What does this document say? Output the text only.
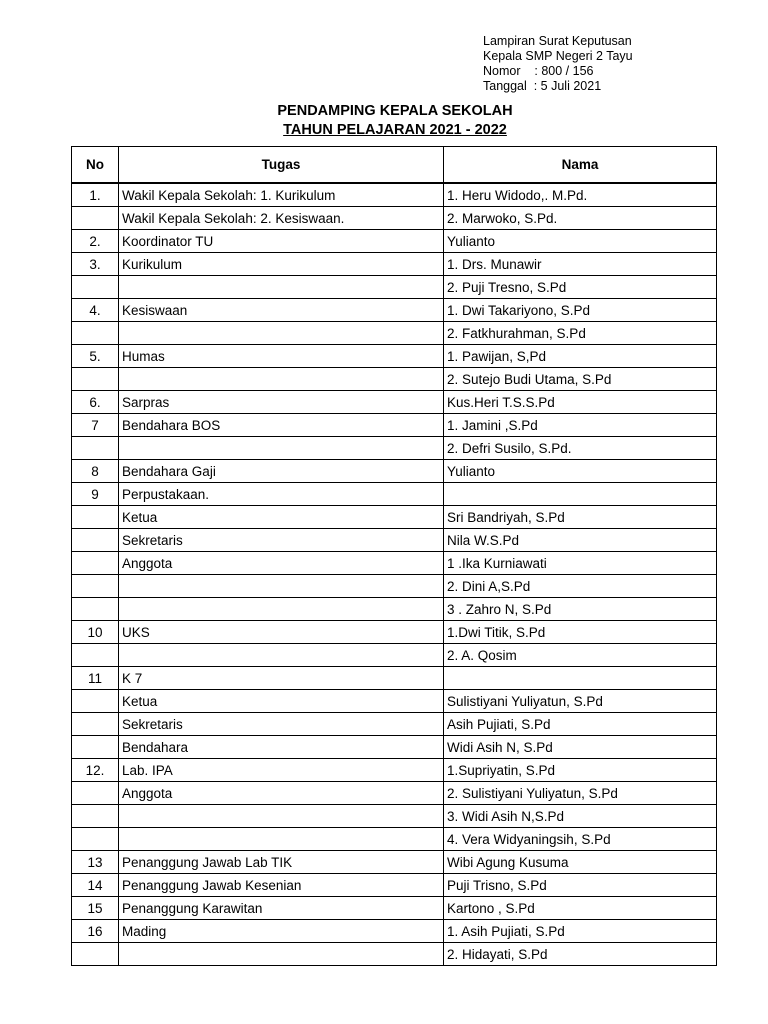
Lampiran Surat Keputusan
Kepala SMP Negeri 2 Tayu
Nomor    : 800 / 156
Tanggal  : 5 Juli 2021
PENDAMPING KEPALA SEKOLAH
TAHUN PELAJARAN 2021 - 2022
No	Tugas	Nama
1.	Wakil Kepala Sekolah: 1. Kurikulum	1. Heru Widodo,. M.Pd.
	Wakil Kepala Sekolah: 2. Kesiswaan.	2. Marwoko, S.Pd.
2.	Koordinator TU	Yulianto
3.	Kurikulum	1. Drs. Munawir
		2. Puji Tresno, S.Pd
4.	Kesiswaan	1. Dwi Takariyono, S.Pd
		2. Fatkhurahman, S.Pd
5.	Humas	1. Pawijan, S,Pd
		2. Sutejo Budi Utama, S.Pd
6.	Sarpras	Kus.Heri T.S.S.Pd
7	Bendahara BOS	1. Jamini ,S.Pd
		2. Defri Susilo, S.Pd.
8	Bendahara Gaji	Yulianto
9	Perpustakaan.	
	Ketua	Sri Bandriyah, S.Pd
	Sekretaris	Nila W.S.Pd
	Anggota	1 .Ika Kurniawati
		2. Dini A,S.Pd
		3 . Zahro N, S.Pd
10	UKS	1.Dwi Titik, S.Pd
		2. A. Qosim
11	K 7	
	Ketua	Sulistiyani Yuliyatun, S.Pd
	Sekretaris	Asih Pujiati, S.Pd
	Bendahara	Widi Asih N, S.Pd
12.	Lab. IPA	1.Supriyatin, S.Pd
	Anggota	2. Sulistiyani Yuliyatun, S.Pd
		3. Widi Asih N,S.Pd
		4. Vera Widyaningsih, S.Pd
13	Penanggung Jawab Lab TIK	Wibi Agung Kusuma
14	Penanggung Jawab Kesenian	Puji Trisno, S.Pd
15	Penanggung Karawitan	Kartono , S.Pd
16	Mading	1. Asih Pujiati, S.Pd
		2. Hidayati, S.Pd
